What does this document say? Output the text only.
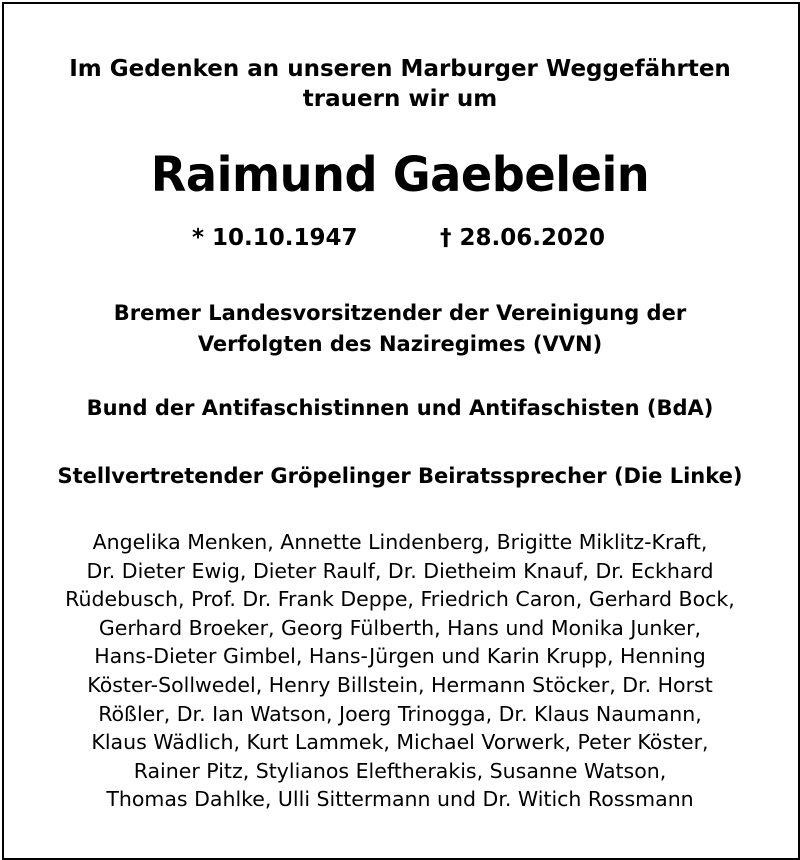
Im Gedenken an unseren Marburger Weggefährten
trauern wir um
Raimund Gaebelein
* 10.10.1947	† 28.06.2020
Bremer Landesvorsitzender der Vereinigung der
Verfolgten des Naziregimes (VVN)
Bund der Antifaschistinnen und Antifaschisten (BdA)
Stellvertretender Gröpelinger Beiratssprecher (Die Linke)
Angelika Menken, Annette Lindenberg, Brigitte Miklitz-Kraft,
Dr. Dieter Ewig, Dieter Raulf, Dr. Dietheim Knauf, Dr. Eckhard
Rüdebusch, Prof. Dr. Frank Deppe, Friedrich Caron, Gerhard Bock,
Gerhard Broeker, Georg Fülberth, Hans und Monika Junker,
Hans-Dieter Gimbel, Hans-Jürgen und Karin Krupp, Henning
Köster-Sollwedel, Henry Billstein, Hermann Stöcker, Dr. Horst
Rößler, Dr. Ian Watson, Joerg Trinogga, Dr. Klaus Naumann,
Klaus Wädlich, Kurt Lammek, Michael Vorwerk, Peter Köster,
Rainer Pitz, Stylianos Eleftherakis, Susanne Watson,
Thomas Dahlke, Ulli Sittermann und Dr. Witich Rossmann
